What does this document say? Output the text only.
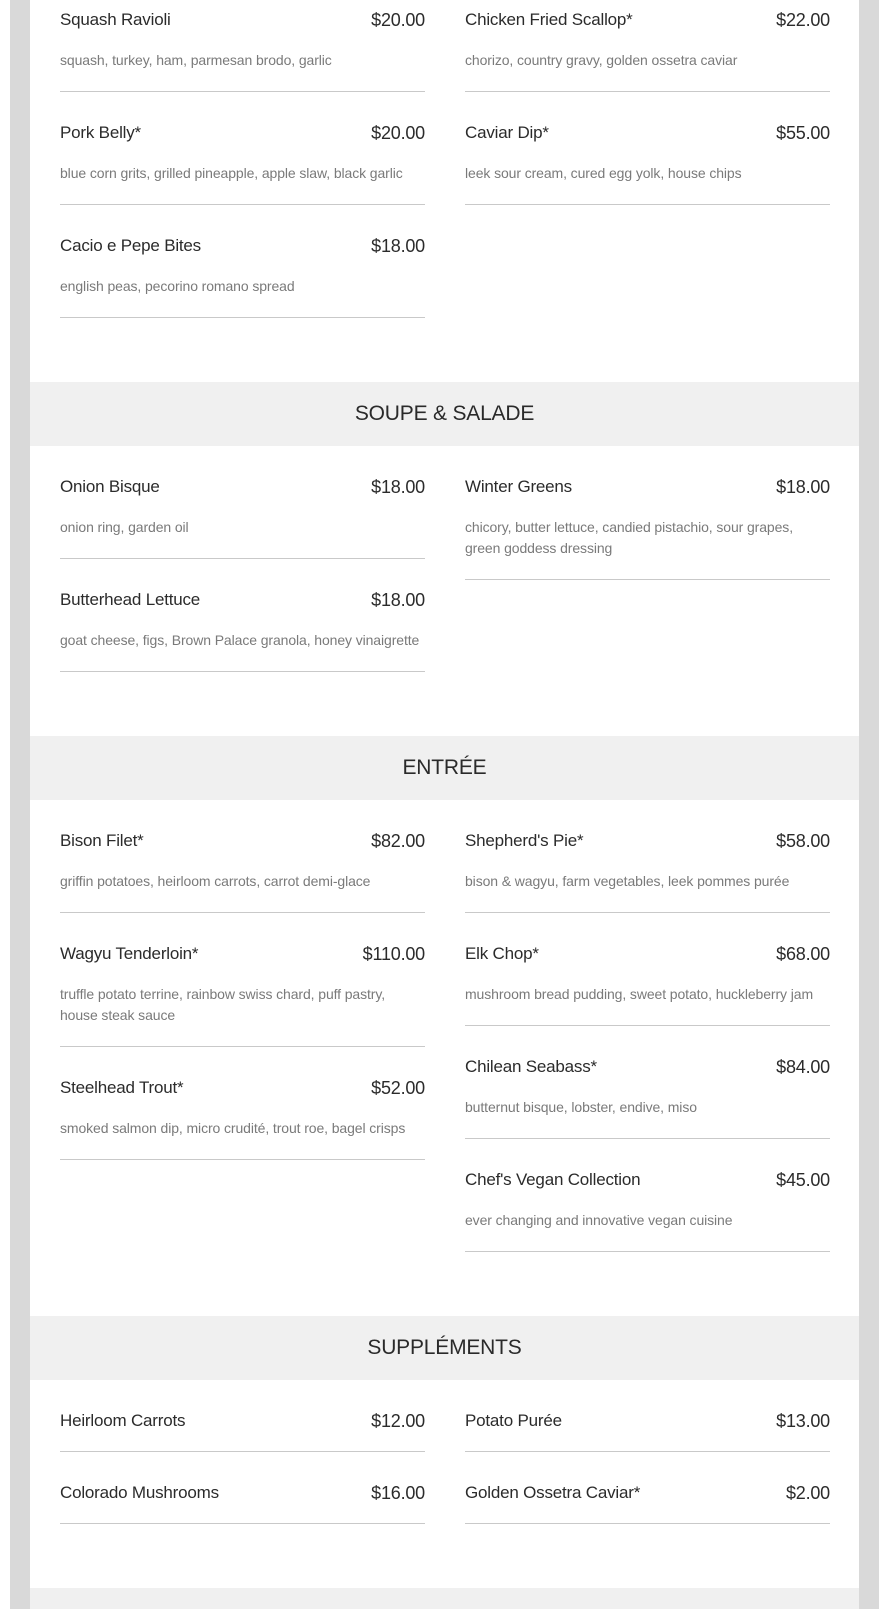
Squash Ravioli	$20.00
squash, turkey, ham, parmesan brodo, garlic
Chicken Fried Scallop*	$22.00
chorizo, country gravy, golden ossetra caviar
Pork Belly*	$20.00
blue corn grits, grilled pineapple, apple slaw, black garlic
Caviar Dip*	$55.00
leek sour cream, cured egg yolk, house chips
Cacio e Pepe Bites	$18.00
english peas, pecorino romano spread
SOUPE & SALADE
Onion Bisque	$18.00
onion ring, garden oil
Winter Greens	$18.00
chicory, butter lettuce, candied pistachio, sour grapes, green goddess dressing
Butterhead Lettuce	$18.00
goat cheese, figs, Brown Palace granola, honey vinaigrette
ENTRÉE
Bison Filet*	$82.00
griffin potatoes, heirloom carrots, carrot demi-glace
Shepherd's Pie*	$58.00
bison & wagyu, farm vegetables, leek pommes purée
Wagyu Tenderloin*	$110.00
truffle potato terrine, rainbow swiss chard, puff pastry, house steak sauce
Elk Chop*	$68.00
mushroom bread pudding, sweet potato, huckleberry jam
Steelhead Trout*	$52.00
smoked salmon dip, micro crudité, trout roe, bagel crisps
Chilean Seabass*	$84.00
butternut bisque, lobster, endive, miso
Chef's Vegan Collection	$45.00
ever changing and innovative vegan cuisine
SUPPLÉMENTS
Heirloom Carrots	$12.00 Potato Purée	$13.00
Colorado Mushrooms	$16.00 Golden Ossetra Caviar*	$2.00
